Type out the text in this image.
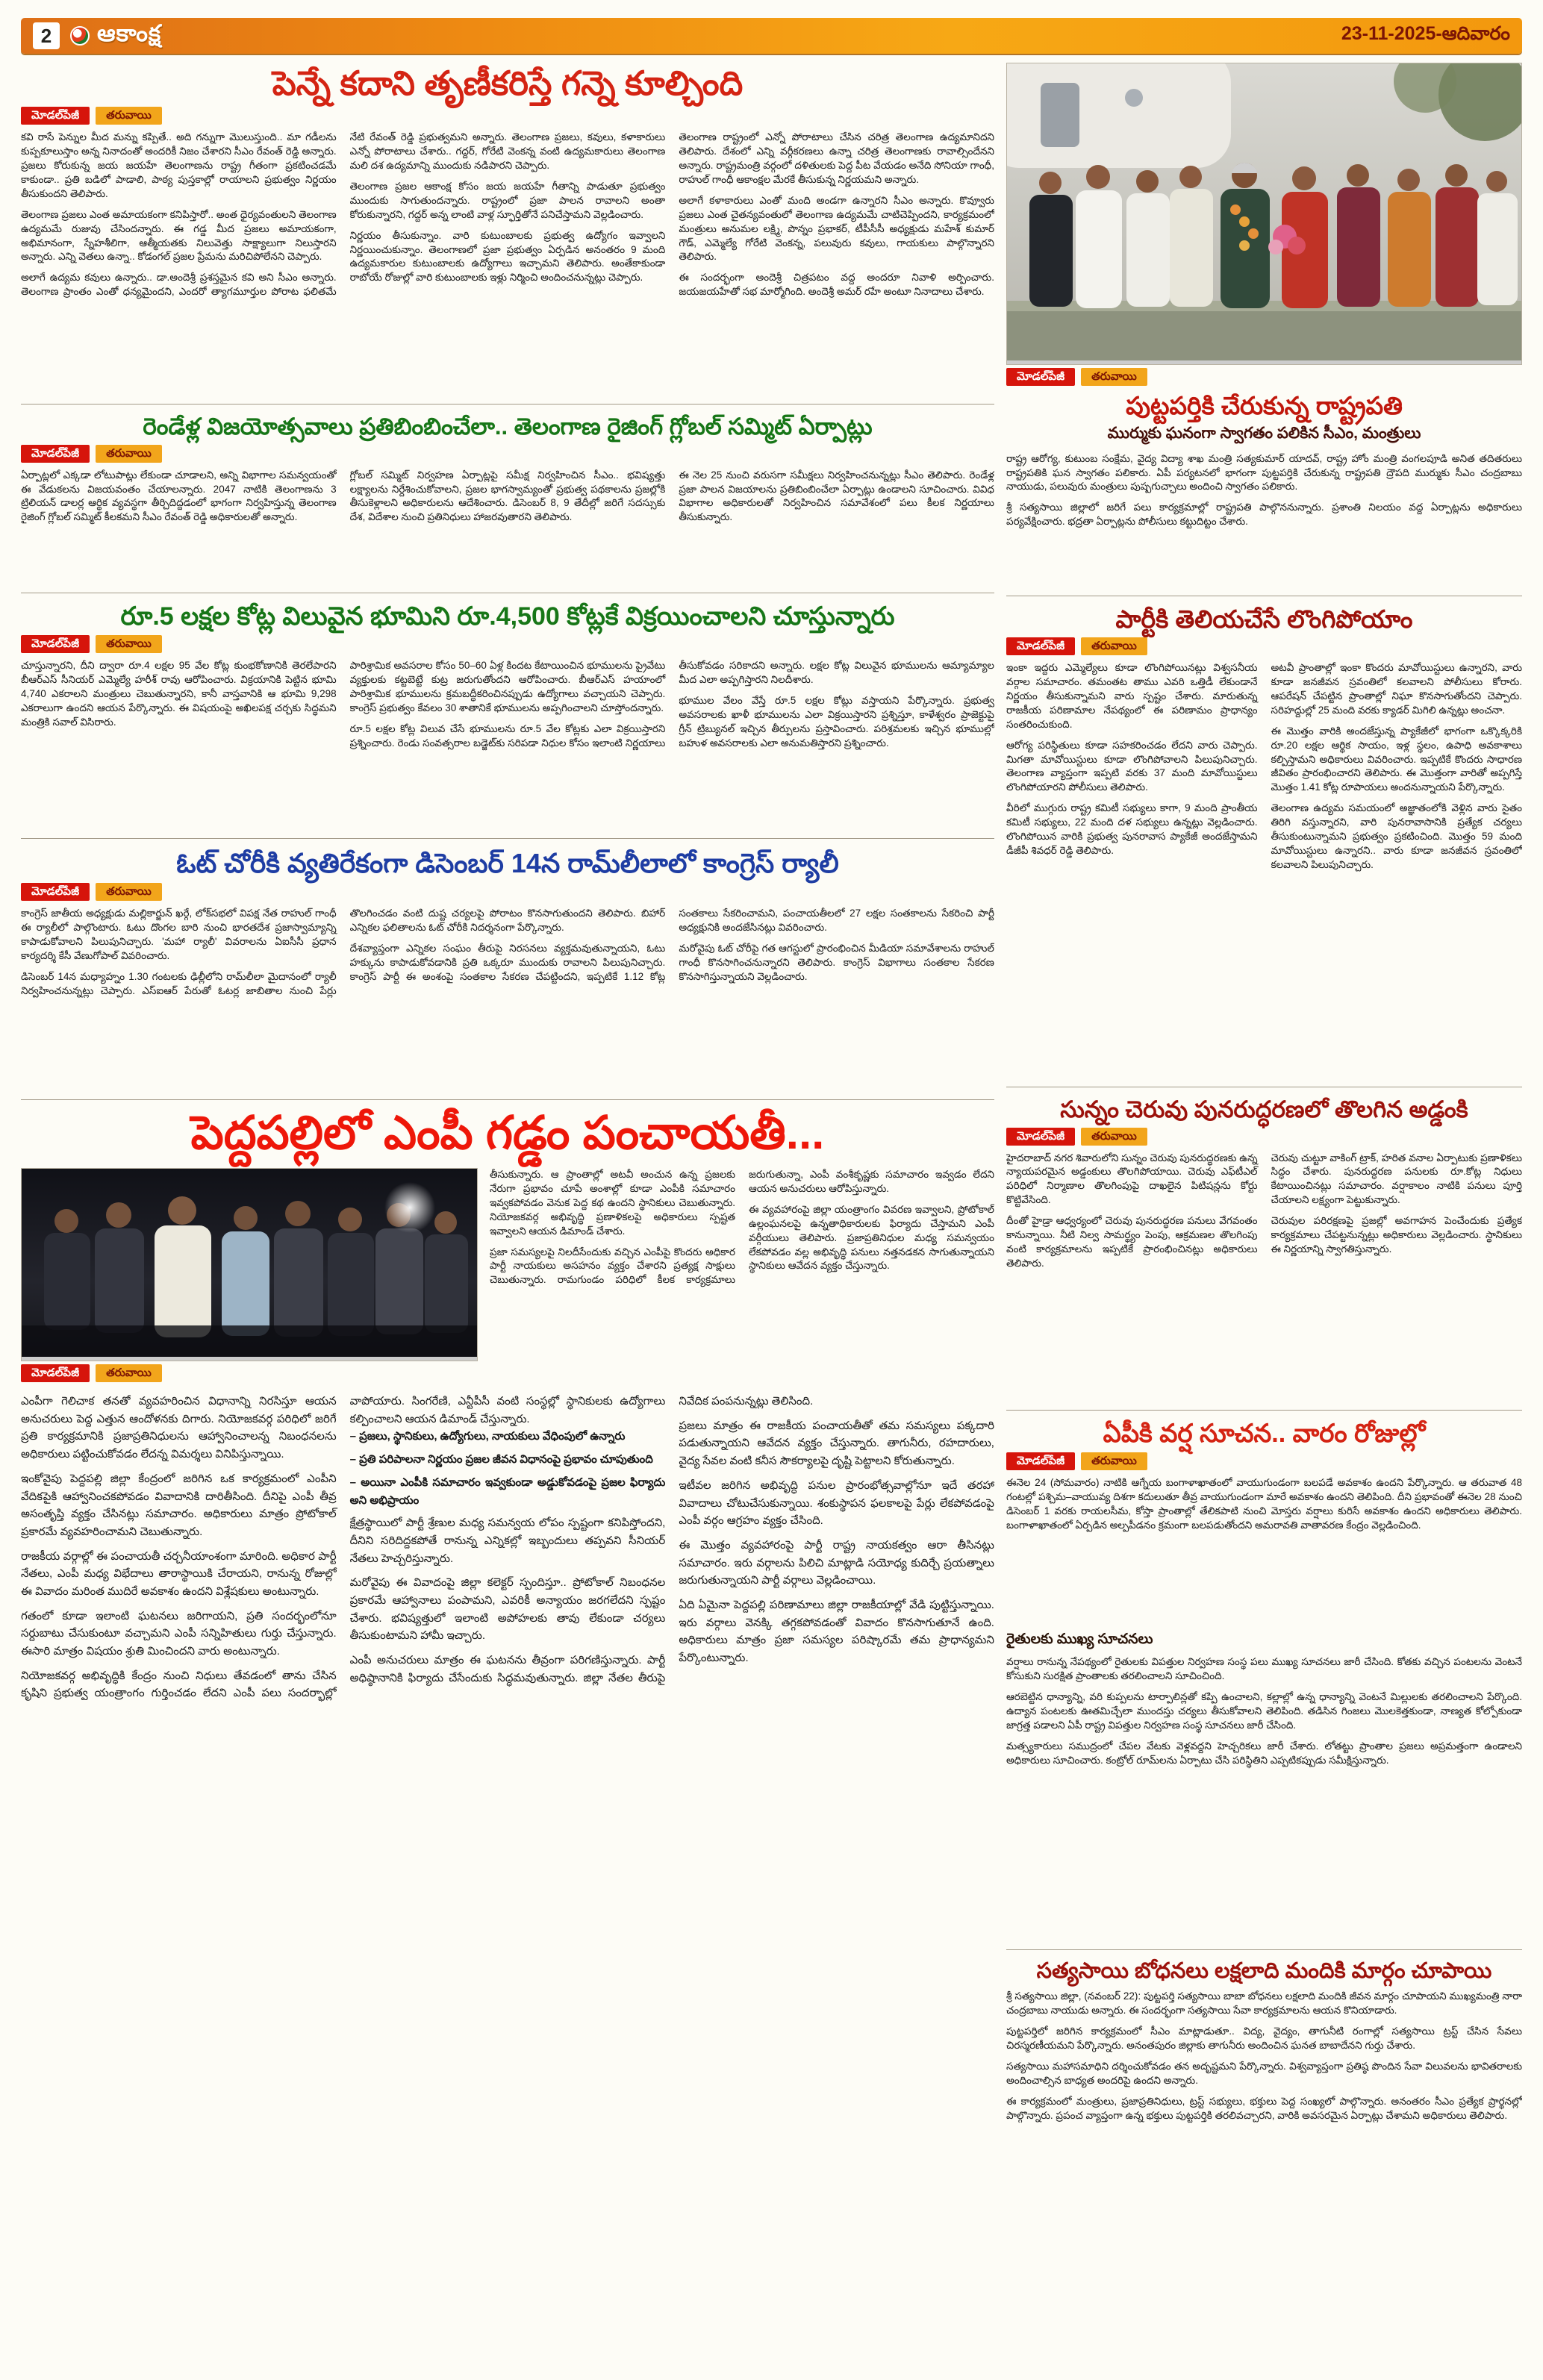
2	ఆకాంక్ష	23-11-2025-ఆదివారం
పెన్నే కదాని తృణీకరిస్తే గన్నె కూల్చింది
మోడల్‌పేజీ	తరువాయి

కవి రాసే పెన్నుల మీద మన్ను కప్పితే.. అది గన్నుగా మొలుస్తుంది.. మా గడీలను కుప్పకూలుస్తాం అన్న నినాదంతో అందరికీ నిజం చేశారని సీఎం రేవంత్ రెడ్డి అన్నారు. ప్రజలు కోరుకున్న జయ జయహే తెలంగాణను రాష్ట్ర గీతంగా ప్రకటించడమే కాకుండా.. ప్రతి బడిలో పాడాలి, పాఠ్య పుస్తకాల్లో రాయాలని ప్రభుత్వం నిర్ణయం తీసుకుందని తెలిపారు.

తెలంగాణ ప్రజలు ఎంత అమాయకంగా కనిపిస్తారో.. అంత ధైర్యవంతులని తెలంగాణ ఉద్యమమే రుజువు చేసిందన్నారు. ఈ గడ్డ మీద ప్రజలు అమాయకంగా, అభిమానంగా, స్నేహశీలిగా, ఆత్మీయతకు నిలువెత్తు సాక్ష్యాలుగా నిలుస్తారని అన్నారు. ఎన్ని వెతలు ఉన్నా.. కోడంగల్ ప్రజల ప్రేమను మరిచిపోలేనని చెప్పారు.

అలాగే ఉద్యమ కవులు ఉన్నారు.. డా.అందెశ్రీ ప్రశస్తమైన కవి అని సీఎం అన్నారు. తెలంగాణ ప్రాంతం ఎంతో ధన్యమైందని, ఎందరో త్యాగమూర్తుల పోరాట ఫలితమే నేటి రేవంత్ రెడ్డి ప్రభుత్వమని అన్నారు. తెలంగాణ ప్రజలు, కవులు, కళాకారులు ఎన్నో పోరాటాలు చేశారు.. గద్దర్, గోరేటి వెంకన్న వంటి ఉద్యమకారులు తెలంగాణ మలి దశ ఉద్యమాన్ని ముందుకు నడిపారని చెప్పారు.

తెలంగాణ ప్రజల ఆకాంక్ష కోసం జయ జయహే గీతాన్ని పాడుతూ ప్రభుత్వం ముందుకు సాగుతుందన్నారు. రాష్ట్రంలో ప్రజా పాలన రావాలని అంతా కోరుకున్నారని, గద్దర్ అన్న లాంటి వాళ్ల స్ఫూర్తితోనే పనిచేస్తామని వెల్లడించారు.

నిర్ణయం తీసుకున్నాం. వారి కుటుంబాలకు ప్రభుత్వ ఉద్యోగం ఇవ్వాలని నిర్ణయించుకున్నాం. తెలంగాణలో ప్రజా ప్రభుత్వం ఏర్పడిన అనంతరం 9 మంది ఉద్యమకారుల కుటుంబాలకు ఉద్యోగాలు ఇచ్చామని తెలిపారు. అంతేకాకుండా రాబోయే రోజుల్లో వారి కుటుంబాలకు ఇళ్లు నిర్మించి అందించనున్నట్లు చెప్పారు.

తెలంగాణ రాష్ట్రంలో ఎన్నో పోరాటాలు చేసిన చరిత్ర తెలంగాణ ఉద్యమానిదని తెలిపారు. దేశంలో ఎన్ని వర్గీకరణలు ఉన్నా చరిత్ర తెలంగాణకు రావాల్సిందేనని అన్నారు. రాష్ట్రమంత్రి వర్గంలో దళితులకు పెద్ద పీట వేయడం అనేది సోనియా గాంధీ, రాహుల్ గాంధీ ఆకాంక్షల మేరకే తీసుకున్న నిర్ణయమని అన్నారు.

అలాగే కళాకారులు ఎంతో మంది అండగా ఉన్నారని సీఎం అన్నారు. కొవ్వూరు ప్రజలు ఎంత చైతన్యవంతులో తెలంగాణ ఉద్యమమే చాటిచెప్పిందని, కార్యక్రమంలో మంత్రులు అనుమల లక్ష్మి, పొన్నం ప్రభాకర్, టీపీసీసీ అధ్యక్షుడు మహేశ్ కుమార్ గౌడ్, ఎమ్మెల్యే గోరేటి వెంకన్న, పలువురు కవులు, గాయకులు పాల్గొన్నారని తెలిపారు.

ఈ సందర్భంగా అందెశ్రీ చిత్రపటం వద్ద అందరూ నివాళి అర్పించారు. జయజయహేతో సభ మార్మోగింది. అందెశ్రీ అమర్ రహే అంటూ నినాదాలు చేశారు.

రెండేళ్ల విజయోత్సవాలు ప్రతిబింబించేలా.. తెలంగాణ రైజింగ్ గ్లోబల్ సమ్మిట్ ఏర్పాట్లు
మోడల్‌పేజీ	తరువాయి

ఏర్పాట్లలో ఎక్కడా లోటుపాట్లు లేకుండా చూడాలని, అన్ని విభాగాల సమన్వయంతో ఈ వేడుకలను విజయవంతం చేయాలన్నారు. 2047 నాటికి తెలంగాణను 3 ట్రిలియన్ డాలర్ల ఆర్థిక వ్యవస్థగా తీర్చిదిద్దడంలో భాగంగా నిర్వహిస్తున్న తెలంగాణ రైజింగ్ గ్లోబల్ సమ్మిట్ కీలకమని సీఎం రేవంత్ రెడ్డి అధికారులతో అన్నారు.

గ్లోబల్ సమ్మిట్ నిర్వహణ ఏర్పాట్లపై సమీక్ష నిర్వహించిన సీఎం.. భవిష్యత్తు లక్ష్యాలను నిర్దేశించుకోవాలని, ప్రజల భాగస్వామ్యంతో ప్రభుత్వ పథకాలను ప్రజల్లోకి తీసుకెళ్లాలని అధికారులను ఆదేశించారు. డిసెంబర్ 8, 9 తేదీల్లో జరిగే సదస్సుకు దేశ, విదేశాల నుంచి ప్రతినిధులు హాజరవుతారని తెలిపారు.

ఈ నెల 25 నుంచి వరుసగా సమీక్షలు నిర్వహించనున్నట్లు సీఎం తెలిపారు. రెండేళ్ల ప్రజా పాలన విజయాలను ప్రతిబింబించేలా ఏర్పాట్లు ఉండాలని సూచించారు. వివిధ విభాగాల అధికారులతో నిర్వహించిన సమావేశంలో పలు కీలక నిర్ణయాలు తీసుకున్నారు.

రూ.5 లక్షల కోట్ల విలువైన భూమిని రూ.4,500 కోట్లకే విక్రయించాలని చూస్తున్నారు
మోడల్‌పేజీ	తరువాయి

చూస్తున్నారని, దీని ద్వారా రూ.4 లక్షల 95 వేల కోట్ల కుంభకోణానికి తెరలేపారని బీఆర్ఎస్ సీనియర్ ఎమ్మెల్యే హరీశ్ రావు ఆరోపించారు. విక్రయానికి పెట్టిన భూమి 4,740 ఎకరాలని మంత్రులు చెబుతున్నారని, కానీ వాస్తవానికి ఆ భూమి 9,298 ఎకరాలుగా ఉందని ఆయన పేర్కొన్నారు. ఈ విషయంపై అఖిలపక్ష చర్చకు సిద్ధమని మంత్రికి సవాల్ విసిరారు.

పారిశ్రామిక అవసరాల కోసం 50–60 ఏళ్ల కిందట కేటాయించిన భూములను ప్రైవేటు వ్యక్తులకు కట్టబెట్టే కుట్ర జరుగుతోందని ఆరోపించారు. బీఆర్ఎస్ హయాంలో పారిశ్రామిక భూములను క్రమబద్ధీకరించినప్పుడు ఉద్యోగాలు వచ్చాయని చెప్పారు. కాంగ్రెస్ ప్రభుత్వం కేవలం 30 శాతానికే భూములను అప్పగించాలని చూస్తోందన్నారు.

రూ.5 లక్షల కోట్ల విలువ చేసే భూములను రూ.5 వేల కోట్లకు ఎలా విక్రయిస్తారని ప్రశ్నించారు. రెండు సంవత్సరాల బడ్జెట్‌కు సరిపడా నిధుల కోసం ఇలాంటి నిర్ణయాలు తీసుకోవడం సరికాదని అన్నారు. లక్షల కోట్ల విలువైన భూములను ఆమ్యామ్యాల మీద ఎలా అప్పగిస్తారని నిలదీశారు.

భూముల వేలం వేస్తే రూ.5 లక్షల కోట్లు వస్తాయని పేర్కొన్నారు. ప్రభుత్వ అవసరాలకు ఖాళీ భూములను ఎలా విక్రయిస్తారని ప్రశ్నిస్తూ, కాళేశ్వరం ప్రాజెక్టుపై గ్రీన్ ట్రిబ్యునల్ ఇచ్చిన తీర్పులను ప్రస్తావించారు. పరిశ్రమలకు ఇచ్చిన భూముల్లో బహుళ అవసరాలకు ఎలా అనుమతిస్తారని ప్రశ్నించారు.

ఓట్ చోరీకి వ్యతిరేకంగా డిసెంబర్ 14న రామ్‌లీలాలో కాంగ్రెస్ ర్యాలీ
మోడల్‌పేజీ	తరువాయి

కాంగ్రెస్ జాతీయ అధ్యక్షుడు మల్లికార్జున్ ఖర్గే, లోక్‌సభలో విపక్ష నేత రాహుల్ గాంధీ ఈ ర్యాలీలో పాల్గొంటారు. ఓటు దొంగల బారి నుంచి భారతదేశ ప్రజాస్వామ్యాన్ని కాపాడుకోవాలని పిలుపునిచ్చారు. 'మహా ర్యాలీ' వివరాలను ఏఐసీసీ ప్రధాన కార్యదర్శి కేసీ వేణుగోపాల్ వివరించారు.

డిసెంబర్ 14న మధ్యాహ్నం 1.30 గంటలకు ఢిల్లీలోని రామ్‌లీలా మైదానంలో ర్యాలీ నిర్వహించనున్నట్లు చెప్పారు. ఎస్ఐఆర్ పేరుతో ఓటర్ల జాబితాల నుంచి పేర్లు తొలగించడం వంటి దుష్ట చర్యలపై పోరాటం కొనసాగుతుందని తెలిపారు. బిహార్ ఎన్నికల ఫలితాలను ఓట్ చోరీకి నిదర్శనంగా పేర్కొన్నారు.

దేశవ్యాప్తంగా ఎన్నికల సంఘం తీరుపై నిరసనలు వ్యక్తమవుతున్నాయని, ఓటు హక్కును కాపాడుకోవడానికి ప్రతి ఒక్కరూ ముందుకు రావాలని పిలుపునిచ్చారు. కాంగ్రెస్ పార్టీ ఈ అంశంపై సంతకాల సేకరణ చేపట్టిందని, ఇప్పటికే 1.12 కోట్ల సంతకాలు సేకరించామని, పంచాయతీలలో 27 లక్షల సంతకాలను సేకరించి పార్టీ అధ్యక్షునికి అందజేసినట్లు వివరించారు.

మరోవైపు ఓట్ చోరీపై గత ఆగస్టులో ప్రారంభించిన మీడియా సమావేశాలను రాహుల్ గాంధీ కొనసాగించనున్నారని తెలిపారు. కాంగ్రెస్ విభాగాలు సంతకాల సేకరణ కొనసాగిస్తున్నాయని వెల్లడించారు.

పెద్దపల్లిలో ఎంపీ గడ్డం పంచాయతీ...
మోడల్‌పేజీ	తరువాయి

తీసుకున్నారు. ఆ ప్రాంతాల్లో అటవీ అంచున ఉన్న ప్రజలకు నేరుగా ప్రభావం చూపే అంశాల్లో కూడా ఎంపీకి సమాచారం ఇవ్వకపోవడం వెనుక పెద్ద కథ ఉందని స్థానికులు చెబుతున్నారు. నియోజకవర్గ అభివృద్ధి ప్రణాళికలపై అధికారులు స్పష్టత ఇవ్వాలని ఆయన డిమాండ్ చేశారు.

ప్రజా సమస్యలపై నిలదీసేందుకు వచ్చిన ఎంపీపై కొందరు అధికార పార్టీ నాయకులు అసహనం వ్యక్తం చేశారని ప్రత్యక్ష సాక్షులు చెబుతున్నారు. రామగుండం పరిధిలో కీలక కార్యక్రమాలు జరుగుతున్నా, ఎంపీ వంశీకృష్ణకు సమాచారం ఇవ్వడం లేదని ఆయన అనుచరులు ఆరోపిస్తున్నారు.

ఈ వ్యవహారంపై జిల్లా యంత్రాంగం వివరణ ఇవ్వాలని, ప్రోటోకాల్ ఉల్లంఘనలపై ఉన్నతాధికారులకు ఫిర్యాదు చేస్తామని ఎంపీ వర్గీయులు తెలిపారు. ప్రజాప్రతినిధుల మధ్య సమన్వయం లేకపోవడం వల్ల అభివృద్ధి పనులు నత్తనడకన సాగుతున్నాయని స్థానికులు ఆవేదన వ్యక్తం చేస్తున్నారు.

ఎంపీగా గెలిచాక తనతో వ్యవహరించిన విధానాన్ని నిరసిస్తూ ఆయన అనుచరులు పెద్ద ఎత్తున ఆందోళనకు దిగారు. నియోజకవర్గ పరిధిలో జరిగే ప్రతి కార్యక్రమానికి ప్రజాప్రతినిధులను ఆహ్వానించాలన్న నిబంధనలను అధికారులు పట్టించుకోవడం లేదన్న విమర్శలు వినిపిస్తున్నాయి.

ఇంకోవైపు పెద్దపల్లి జిల్లా కేంద్రంలో జరిగిన ఒక కార్యక్రమంలో ఎంపీని వేదికపైకి ఆహ్వానించకపోవడం వివాదానికి దారితీసింది. దీనిపై ఎంపీ తీవ్ర అసంతృప్తి వ్యక్తం చేసినట్లు సమాచారం. అధికారులు మాత్రం ప్రోటోకాల్ ప్రకారమే వ్యవహరించామని చెబుతున్నారు.

రాజకీయ వర్గాల్లో ఈ పంచాయతీ చర్చనీయాంశంగా మారింది. అధికార పార్టీ నేతలు, ఎంపీ మధ్య విభేదాలు తారాస్థాయికి చేరాయని, రానున్న రోజుల్లో ఈ వివాదం మరింత ముదిరే అవకాశం ఉందని విశ్లేషకులు అంటున్నారు.

గతంలో కూడా ఇలాంటి ఘటనలు జరిగాయని, ప్రతి సందర్భంలోనూ సర్దుబాటు చేసుకుంటూ వచ్చామని ఎంపీ సన్నిహితులు గుర్తు చేస్తున్నారు. ఈసారి మాత్రం విషయం శ్రుతి మించిందని వారు అంటున్నారు.

నియోజకవర్గ అభివృద్ధికి కేంద్రం నుంచి నిధులు తేవడంలో తాను చేసిన కృషిని ప్రభుత్వ యంత్రాంగం గుర్తించడం లేదని ఎంపీ పలు సందర్భాల్లో వాపోయారు. సింగరేణి, ఎన్టీపీసీ వంటి సంస్థల్లో స్థానికులకు ఉద్యోగాలు కల్పించాలని ఆయన డిమాండ్ చేస్తున్నారు.

– ప్రజలు, స్థానికులు, ఉద్యోగులు, నాయకులు వేధింపులో ఉన్నారు

– ప్రతి పరిపాలనా నిర్ణయం ప్రజల జీవన విధానంపై ప్రభావం చూపుతుంది

– అయినా ఎంపీకి సమాచారం ఇవ్వకుండా అడ్డుకోవడంపై ప్రజల ఫిర్యాదు అని అభిప్రాయం

క్షేత్రస్థాయిలో పార్టీ శ్రేణుల మధ్య సమన్వయ లోపం స్పష్టంగా కనిపిస్తోందని, దీనిని సరిదిద్దకపోతే రానున్న ఎన్నికల్లో ఇబ్బందులు తప్పవని సీనియర్ నేతలు హెచ్చరిస్తున్నారు.

మరోవైపు ఈ వివాదంపై జిల్లా కలెక్టర్ స్పందిస్తూ.. ప్రోటోకాల్ నిబంధనల ప్రకారమే ఆహ్వానాలు పంపామని, ఎవరికీ అన్యాయం జరగలేదని స్పష్టం చేశారు. భవిష్యత్తులో ఇలాంటి అపోహలకు తావు లేకుండా చర్యలు తీసుకుంటామని హామీ ఇచ్చారు.

ఎంపీ అనుచరులు మాత్రం ఈ ఘటనను తీవ్రంగా పరిగణిస్తున్నారు. పార్టీ అధిష్ఠానానికి ఫిర్యాదు చేసేందుకు సిద్ధమవుతున్నారు. జిల్లా నేతల తీరుపై నివేదిక పంపనున్నట్లు తెలిసింది.

ప్రజలు మాత్రం ఈ రాజకీయ పంచాయతీతో తమ సమస్యలు పక్కదారి పడుతున్నాయని ఆవేదన వ్యక్తం చేస్తున్నారు. తాగునీరు, రహదారులు, వైద్య సేవల వంటి కనీస సౌకర్యాలపై దృష్టి పెట్టాలని కోరుతున్నారు.

ఇటీవల జరిగిన అభివృద్ధి పనుల ప్రారంభోత్సవాల్లోనూ ఇదే తరహా వివాదాలు చోటుచేసుకున్నాయి. శంకుస్థాపన ఫలకాలపై పేర్లు లేకపోవడంపై ఎంపీ వర్గం ఆగ్రహం వ్యక్తం చేసింది.

ఈ మొత్తం వ్యవహారంపై పార్టీ రాష్ట్ర నాయకత్వం ఆరా తీసినట్లు సమాచారం. ఇరు వర్గాలను పిలిచి మాట్లాడి సయోధ్య కుదిర్చే ప్రయత్నాలు జరుగుతున్నాయని పార్టీ వర్గాలు వెల్లడించాయి.

ఏది ఏమైనా పెద్దపల్లి పరిణామాలు జిల్లా రాజకీయాల్లో వేడి పుట్టిస్తున్నాయి. ఇరు వర్గాలు వెనక్కి తగ్గకపోవడంతో వివాదం కొనసాగుతూనే ఉంది. అధికారులు మాత్రం ప్రజా సమస్యల పరిష్కారమే తమ ప్రాధాన్యమని పేర్కొంటున్నారు.

మోడల్‌పేజీ	తరువాయి
పుట్టపర్తికి చేరుకున్న రాష్ట్రపతి
ముర్ముకు ఘనంగా స్వాగతం పలికిన సీఎం, మంత్రులు

రాష్ట్ర ఆరోగ్య, కుటుంబ సంక్షేమ, వైద్య విద్యా శాఖ మంత్రి సత్యకుమార్ యాదవ్, రాష్ట్ర హోం మంత్రి వంగలపూడి అనిత తదితరులు రాష్ట్రపతికి ఘన స్వాగతం పలికారు. ఏపీ పర్యటనలో భాగంగా పుట్టపర్తికి చేరుకున్న రాష్ట్రపతి ద్రౌపది ముర్ముకు సీఎం చంద్రబాబు నాయుడు, పలువురు మంత్రులు పుష్పగుచ్ఛాలు అందించి స్వాగతం పలికారు.

శ్రీ సత్యసాయి జిల్లాలో జరిగే పలు కార్యక్రమాల్లో రాష్ట్రపతి పాల్గొననున్నారు. ప్రశాంతి నిలయం వద్ద ఏర్పాట్లను అధికారులు పర్యవేక్షించారు. భద్రతా ఏర్పాట్లను పోలీసులు కట్టుదిట్టం చేశారు.

పార్టీకి తెలియచేసే లొంగిపోయాం
మోడల్‌పేజీ	తరువాయి

ఇంకా ఇద్దరు ఎమ్మెల్యేలు కూడా లొంగిపోయినట్లు విశ్వసనీయ వర్గాల సమాచారం. తమంతట తాము ఎవరి ఒత్తిడీ లేకుండానే నిర్ణయం తీసుకున్నామని వారు స్పష్టం చేశారు. మారుతున్న రాజకీయ పరిణామాల నేపథ్యంలో ఈ పరిణామం ప్రాధాన్యం సంతరించుకుంది.

ఆరోగ్య పరిస్థితులు కూడా సహకరించడం లేదని వారు చెప్పారు. మిగతా మావోయిస్టులు కూడా లొంగిపోవాలని పిలుపునిచ్చారు. తెలంగాణ వ్యాప్తంగా ఇప్పటి వరకు 37 మంది మావోయిస్టులు లొంగిపోయారని పోలీసులు తెలిపారు.

వీరిలో ముగ్గురు రాష్ట్ర కమిటీ సభ్యులు కాగా, 9 మంది ప్రాంతీయ కమిటీ సభ్యులు, 22 మంది దళ సభ్యులు ఉన్నట్లు వెల్లడించారు. లొంగిపోయిన వారికి ప్రభుత్వ పునరావాస ప్యాకేజీ అందజేస్తామని డీజీపీ శివధర్ రెడ్డి తెలిపారు.

అటవీ ప్రాంతాల్లో ఇంకా కొందరు మావోయిస్టులు ఉన్నారని, వారు కూడా జనజీవన స్రవంతిలో కలవాలని పోలీసులు కోరారు. ఆపరేషన్ చేపట్టిన ప్రాంతాల్లో నిఘా కొనసాగుతోందని చెప్పారు. సరిహద్దుల్లో 25 మంది వరకు క్యాడర్ మిగిలి ఉన్నట్లు అంచనా.

ఈ మొత్తం వారికి అందజేస్తున్న ప్యాకేజీలో భాగంగా ఒక్కొక్కరికి రూ.20 లక్షల ఆర్థిక సాయం, ఇళ్ల స్థలం, ఉపాధి అవకాశాలు కల్పిస్తామని అధికారులు వివరించారు. ఇప్పటికే కొందరు సాధారణ జీవితం ప్రారంభించారని తెలిపారు. ఈ మొత్తంగా వారితో అప్పగిస్తే మొత్తం 1.41 కోట్ల రూపాయలు అందనున్నాయని పేర్కొన్నారు.

తెలంగాణ ఉద్యమ సమయంలో అజ్ఞాతంలోకి వెళ్లిన వారు సైతం తిరిగి వస్తున్నారని, వారి పునరావాసానికి ప్రత్యేక చర్యలు తీసుకుంటున్నామని ప్రభుత్వం ప్రకటించింది. మొత్తం 59 మంది మావోయిస్టులు ఉన్నారని.. వారు కూడా జనజీవన స్రవంతిలో కలవాలని పిలుపునిచ్చారు.

సున్నం చెరువు పునరుద్ధరణలో తొలగిన అడ్డంకి
మోడల్‌పేజీ	తరువాయి

హైదరాబాద్ నగర శివారులోని సున్నం చెరువు పునరుద్ధరణకు ఉన్న న్యాయపరమైన అడ్డంకులు తొలగిపోయాయి. చెరువు ఎఫ్‌టీఎల్ పరిధిలో నిర్మాణాల తొలగింపుపై దాఖలైన పిటిషన్లను కోర్టు కొట్టివేసింది.

దీంతో హైడ్రా ఆధ్వర్యంలో చెరువు పునరుద్ధరణ పనులు వేగవంతం కానున్నాయి. నీటి నిల్వ సామర్థ్యం పెంపు, ఆక్రమణల తొలగింపు వంటి కార్యక్రమాలను ఇప్పటికే ప్రారంభించినట్లు అధికారులు తెలిపారు.

చెరువు చుట్టూ వాకింగ్ ట్రాక్, హరిత వనాల ఏర్పాటుకు ప్రణాళికలు సిద్ధం చేశారు. పునరుద్ధరణ పనులకు రూ.కోట్ల నిధులు కేటాయించినట్లు సమాచారం. వర్షాకాలం నాటికి పనులు పూర్తి చేయాలని లక్ష్యంగా పెట్టుకున్నారు.

చెరువుల పరిరక్షణపై ప్రజల్లో అవగాహన పెంచేందుకు ప్రత్యేక కార్యక్రమాలు చేపట్టనున్నట్లు అధికారులు వెల్లడించారు. స్థానికులు ఈ నిర్ణయాన్ని స్వాగతిస్తున్నారు.

ఏపీకి వర్ష సూచన.. వారం రోజుల్లో
మోడల్‌పేజీ	తరువాయి

ఈనెల 24 (సోమవారం) నాటికి ఆగ్నేయ బంగాళాఖాతంలో వాయుగుండంగా బలపడే అవకాశం ఉందని పేర్కొన్నారు. ఆ తరువాత 48 గంటల్లో పశ్చిమ–వాయువ్య దిశగా కదులుతూ తీవ్ర వాయుగుండంగా మారే అవకాశం ఉందని తెలిపింది. దీని ప్రభావంతో ఈనెల 28 నుంచి డిసెంబర్ 1 వరకు రాయలసీమ, కోస్తా ప్రాంతాల్లో తేలికపాటి నుంచి మోస్తరు వర్షాలు కురిసే అవకాశం ఉందని అధికారులు తెలిపారు. బంగాళాఖాతంలో ఏర్పడిన అల్పపీడనం క్రమంగా బలపడుతోందని అమరావతి వాతావరణ కేంద్రం వెల్లడించింది.

రైతులకు ముఖ్య సూచనలు

వర్షాలు రానున్న నేపథ్యంలో రైతులకు విపత్తుల నిర్వహణ సంస్థ పలు ముఖ్య సూచనలు జారీ చేసింది. కోతకు వచ్చిన పంటలను వెంటనే కోసుకుని సురక్షిత ప్రాంతాలకు తరలించాలని సూచించింది.

ఆరబెట్టిన ధాన్యాన్ని, వరి కుప్పలను టార్పాలిన్లతో కప్పి ఉంచాలని, కల్లాల్లో ఉన్న ధాన్యాన్ని వెంటనే మిల్లులకు తరలించాలని పేర్కొంది. ఉద్యాన పంటలకు ఊతమిచ్చేలా ముందస్తు చర్యలు తీసుకోవాలని తెలిపింది. తడిసిన గింజలు మొలకెత్తకుండా, నాణ్యత కోల్పోకుండా జాగ్రత్త పడాలని ఏపీ రాష్ట్ర విపత్తుల నిర్వహణ సంస్థ సూచనలు జారీ చేసింది.

మత్స్యకారులు సముద్రంలో చేపల వేటకు వెళ్లవద్దని హెచ్చరికలు జారీ చేశారు. లోతట్టు ప్రాంతాల ప్రజలు అప్రమత్తంగా ఉండాలని అధికారులు సూచించారు. కంట్రోల్ రూమ్‌లను ఏర్పాటు చేసి పరిస్థితిని ఎప్పటికప్పుడు సమీక్షిస్తున్నారు.

సత్యసాయి బోధనలు లక్షలాది మందికి మార్గం చూపాయి

శ్రీ సత్యసాయి జిల్లా, (నవంబర్ 22): పుట్టపర్తి సత్యసాయి బాబా బోధనలు లక్షలాది మందికి జీవన మార్గం చూపాయని ముఖ్యమంత్రి నారా చంద్రబాబు నాయుడు అన్నారు. ఈ సందర్భంగా సత్యసాయి సేవా కార్యక్రమాలను ఆయన కొనియాడారు.

పుట్టపర్తిలో జరిగిన కార్యక్రమంలో సీఎం మాట్లాడుతూ.. విద్య, వైద్యం, తాగునీటి రంగాల్లో సత్యసాయి ట్రస్ట్ చేసిన సేవలు చిరస్మరణీయమని పేర్కొన్నారు. అనంతపురం జిల్లాకు తాగునీరు అందించిన ఘనత బాబాదేనని గుర్తు చేశారు.

సత్యసాయి మహాసమాధిని దర్శించుకోవడం తన అదృష్టమని పేర్కొన్నారు. విశ్వవ్యాప్తంగా ప్రతిష్ఠ పొందిన సేవా విలువలను భావితరాలకు అందించాల్సిన బాధ్యత అందరిపై ఉందని అన్నారు.

ఈ కార్యక్రమంలో మంత్రులు, ప్రజాప్రతినిధులు, ట్రస్ట్ సభ్యులు, భక్తులు పెద్ద సంఖ్యలో పాల్గొన్నారు. అనంతరం సీఎం ప్రత్యేక ప్రార్థనల్లో పాల్గొన్నారు. ప్రపంచ వ్యాప్తంగా ఉన్న భక్తులు పుట్టపర్తికి తరలివచ్చారని, వారికి అవసరమైన ఏర్పాట్లు చేశామని అధికారులు తెలిపారు.
